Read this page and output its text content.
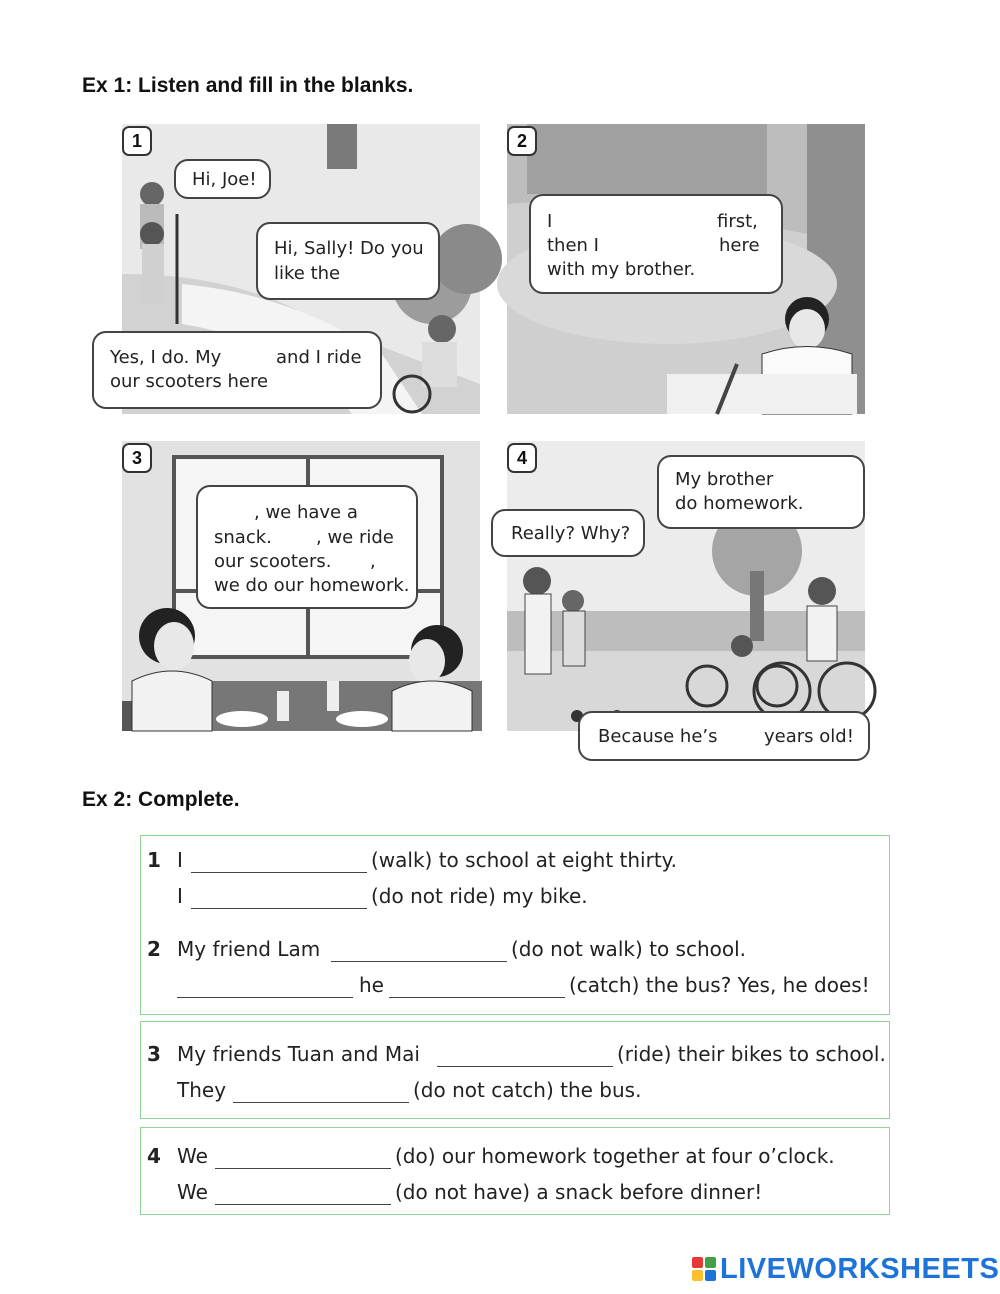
Ex 1: Listen and fill in the blanks.
1
Hi, Joe!
Hi, Sally! Do you
like the
Yes, I do. My	and I ride
our scooters here
2
I	first,
then I	here
with my brother.
3
, we have a
snack. , we ride
our scooters. ,
we do our homework.
4
My brother
do homework.
Really? Why?
Because he’s	years old!
Ex 2: Complete.
1 I	(walk) to school at eight thirty.
I	(do not ride) my bike.
2 My friend Lam	(do not walk) to school.
he	(catch) the bus? Yes, he does!
3 My friends Tuan and Mai	(ride) their bikes to school.
They	(do not catch) the bus.
4 We	(do) our homework together at four o’clock.
We	(do not have) a snack before dinner!
LIVEWORKSHEETS
